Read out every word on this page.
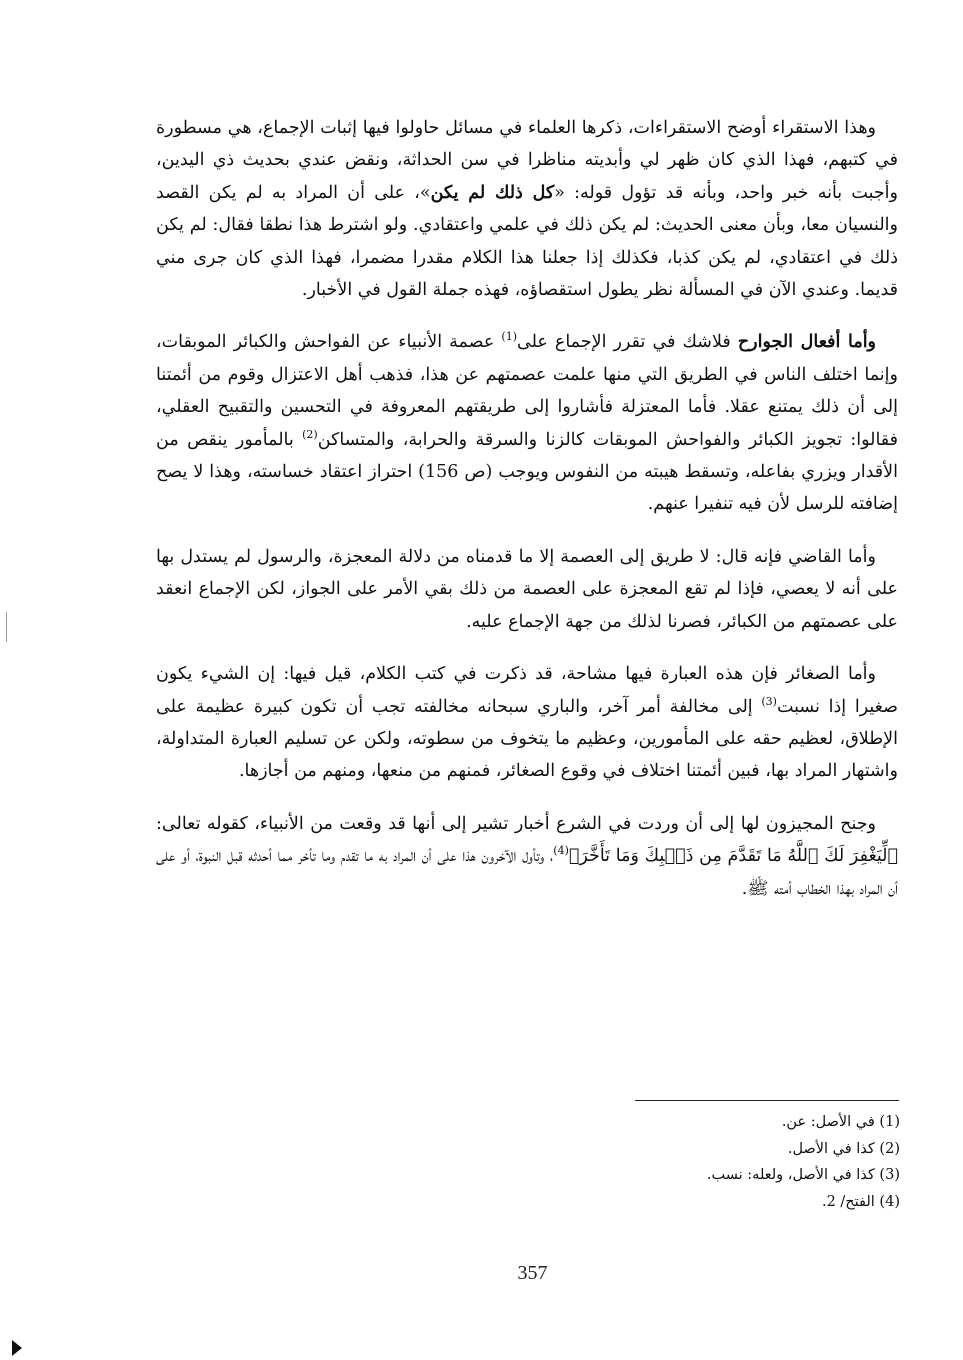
وهذا الاستقراء أوضح الاستقراءات، ذكرها العلماء في مسائل حاولوا فيها إثبات الإجماع، هي مسطورة في كتبهم، فهذا الذي كان ظهر لي وأبديته مناظرا في سن الحداثة، ونقض عندي بحديث ذي اليدين، وأجبت بأنه خبر واحد، وبأنه قد تؤول قوله: «كل ذلك لم يكن»، على أن المراد به لم يكن القصد والنسيان معا، وبأن معنى الحديث: لم يكن ذلك في علمي واعتقادي. ولو اشترط هذا نطقا فقال: لم يكن ذلك في اعتقادي، لم يكن كذبا، فكذلك إذا جعلنا هذا الكلام مقدرا مضمرا، فهذا الذي كان جرى مني قديما. وعندي الآن في المسألة نظر يطول استقصاؤه، فهذه جملة القول في الأخبار.

وأما أفعال الجوارح فلاشك في تقرر الإجماع على$^{(1)}$ عصمة الأنبياء عن الفواحش والكبائر الموبقات، وإنما اختلف الناس في الطريق التي منها علمت عصمتهم عن هذا، فذهب أهل الاعتزال وقوم من أئمتنا إلى أن ذلك يمتنع عقلا. فأما المعتزلة فأشاروا إلى طريقتهم المعروفة في التحسين والتقبيح العقلي، فقالوا: تجويز الكبائر والفواحش الموبقات كالزنا والسرقة والحرابة، والمتساكن$^{(2)}$ بالمأمور ينقص من الأقدار ويزري بفاعله، وتسقط هيبته من النفوس ويوجب (ص 156) احتراز اعتقاد خساسته، وهذا لا يصح إضافته للرسل لأن فيه تنفيرا عنهم.

وأما القاضي فإنه قال: لا طريق إلى العصمة إلا ما قدمناه من دلالة المعجزة، والرسول لم يستدل بها على أنه لا يعصي، فإذا لم تقع المعجزة على العصمة من ذلك بقي الأمر على الجواز، لكن الإجماع انعقد على عصمتهم من الكبائر، فصرنا لذلك من جهة الإجماع عليه.

وأما الصغائر فإن هذه العبارة فيها مشاحة، قد ذكرت في كتب الكلام، قيل فيها: إن الشيء يكون صغيرا إذا نسبت$^{(3)}$ إلى مخالفة أمر آخر، والباري سبحانه مخالفته تجب أن تكون كبيرة عظيمة على الإطلاق، لعظيم حقه على المأمورين، وعظيم ما يتخوف من سطوته، ولكن عن تسليم العبارة المتداولة، واشتهار المراد بها، فبين أئمتنا اختلاف في وقوع الصغائر، فمنهم من منعها، ومنهم من أجازها.

وجنح المجيزون لها إلى أن وردت في الشرع أخبار تشير إلى أنها قد وقعت من الأنبياء، كقوله تعالى: ﴿لِّيَغْفِرَ لَكَ ٱللَّهُ مَا تَقَدَّمَ مِن ذَنۢبِكَ وَمَا تَأَخَّرَ﴾$^{(4)}$، وتأول الآخرون هذا على أن المراد به ما تقدم وما تأخر مما أحدثه قبل النبوة، أو على أن المراد بهذا الخطاب أمته ﷺ.

(1) في الأصل: عن.
(2) كذا في الأصل.
(3) كذا في الأصل، ولعله: نسب.
(4) الفتح/ 2.
357
